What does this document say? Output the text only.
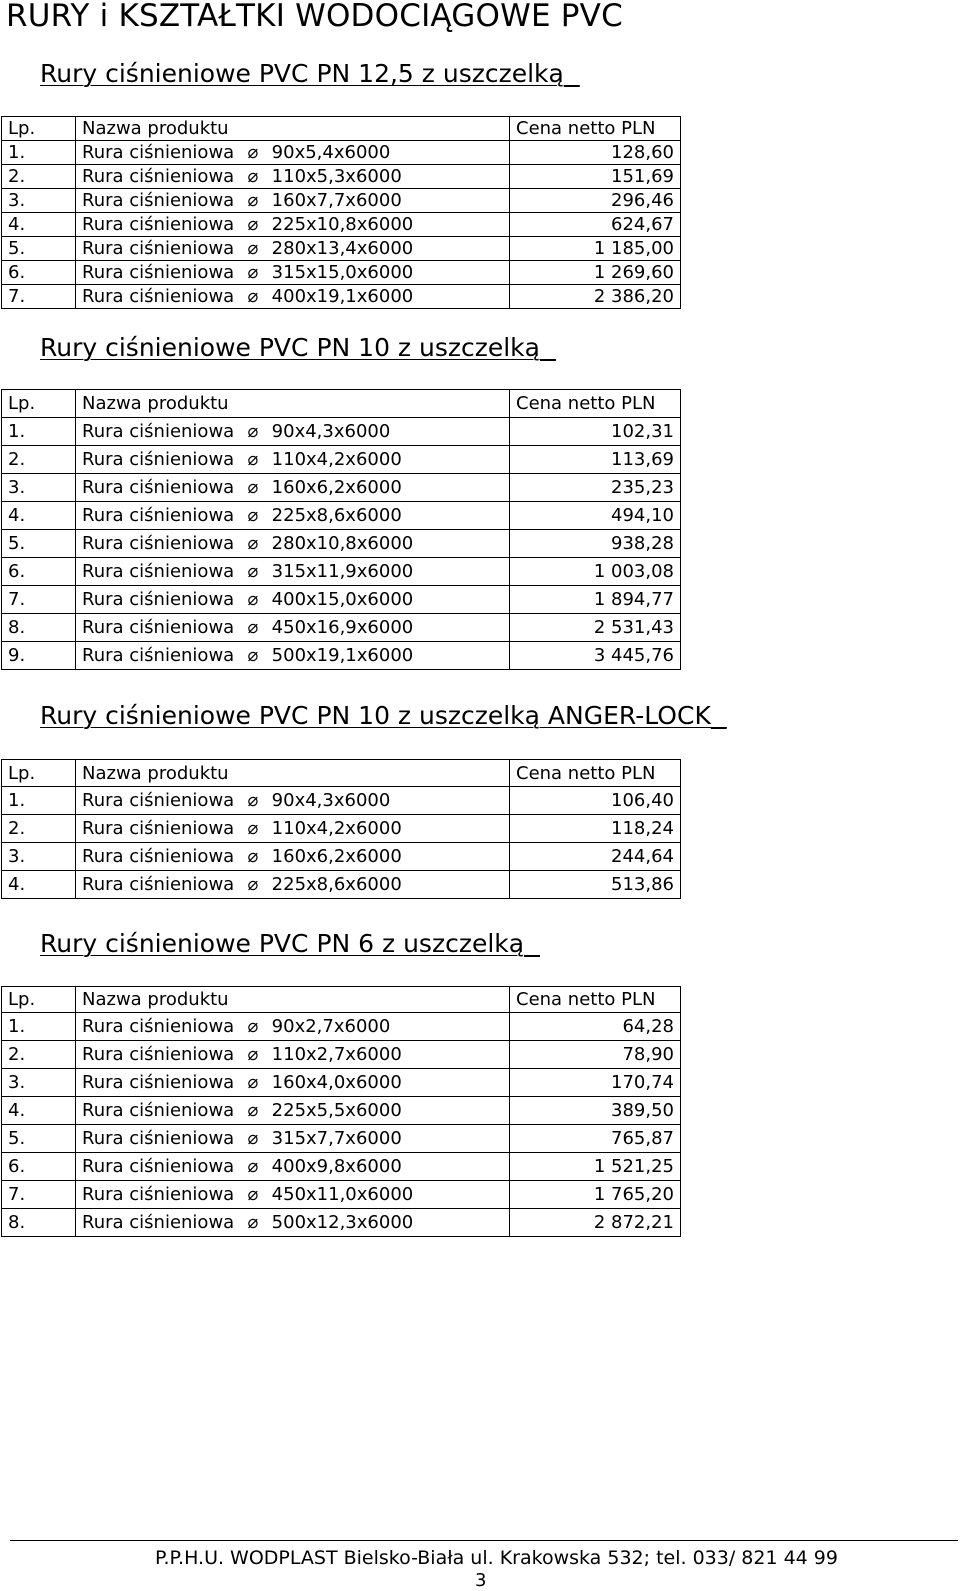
RURY i KSZTAŁTKI WODOCIĄGOWE PVC
Rury ciśnieniowe PVC PN 12,5 z uszczelką
Lp.	Nazwa produktu	Cena netto PLN
1.	Rura ciśnieniowa ⌀ 90x5,4x6000	128,60
2.	Rura ciśnieniowa ⌀ 110x5,3x6000	151,69
3.	Rura ciśnieniowa ⌀ 160x7,7x6000	296,46
4.	Rura ciśnieniowa ⌀ 225x10,8x6000	624,67
5.	Rura ciśnieniowa ⌀ 280x13,4x6000	1 185,00
6.	Rura ciśnieniowa ⌀ 315x15,0x6000	1 269,60
7.	Rura ciśnieniowa ⌀ 400x19,1x6000	2 386,20
Rury ciśnieniowe PVC PN 10 z uszczelką
Lp.	Nazwa produktu	Cena netto PLN
1.	Rura ciśnieniowa ⌀ 90x4,3x6000	102,31
2.	Rura ciśnieniowa ⌀ 110x4,2x6000	113,69
3.	Rura ciśnieniowa ⌀ 160x6,2x6000	235,23
4.	Rura ciśnieniowa ⌀ 225x8,6x6000	494,10
5.	Rura ciśnieniowa ⌀ 280x10,8x6000	938,28
6.	Rura ciśnieniowa ⌀ 315x11,9x6000	1 003,08
7.	Rura ciśnieniowa ⌀ 400x15,0x6000	1 894,77
8.	Rura ciśnieniowa ⌀ 450x16,9x6000	2 531,43
9.	Rura ciśnieniowa ⌀ 500x19,1x6000	3 445,76
Rury ciśnieniowe PVC PN 10 z uszczelką ANGER-LOCK
Lp.	Nazwa produktu	Cena netto PLN
1.	Rura ciśnieniowa ⌀ 90x4,3x6000	106,40
2.	Rura ciśnieniowa ⌀ 110x4,2x6000	118,24
3.	Rura ciśnieniowa ⌀ 160x6,2x6000	244,64
4.	Rura ciśnieniowa ⌀ 225x8,6x6000	513,86
Rury ciśnieniowe PVC PN 6 z uszczelką
Lp.	Nazwa produktu	Cena netto PLN
1.	Rura ciśnieniowa ⌀ 90x2,7x6000	64,28
2.	Rura ciśnieniowa ⌀ 110x2,7x6000	78,90
3.	Rura ciśnieniowa ⌀ 160x4,0x6000	170,74
4.	Rura ciśnieniowa ⌀ 225x5,5x6000	389,50
5.	Rura ciśnieniowa ⌀ 315x7,7x6000	765,87
6.	Rura ciśnieniowa ⌀ 400x9,8x6000	1 521,25
7.	Rura ciśnieniowa ⌀ 450x11,0x6000	1 765,20
8.	Rura ciśnieniowa ⌀ 500x12,3x6000	2 872,21
P.P.H.U. WODPLAST Bielsko-Biała ul. Krakowska 532; tel. 033/ 821 44 99
3
